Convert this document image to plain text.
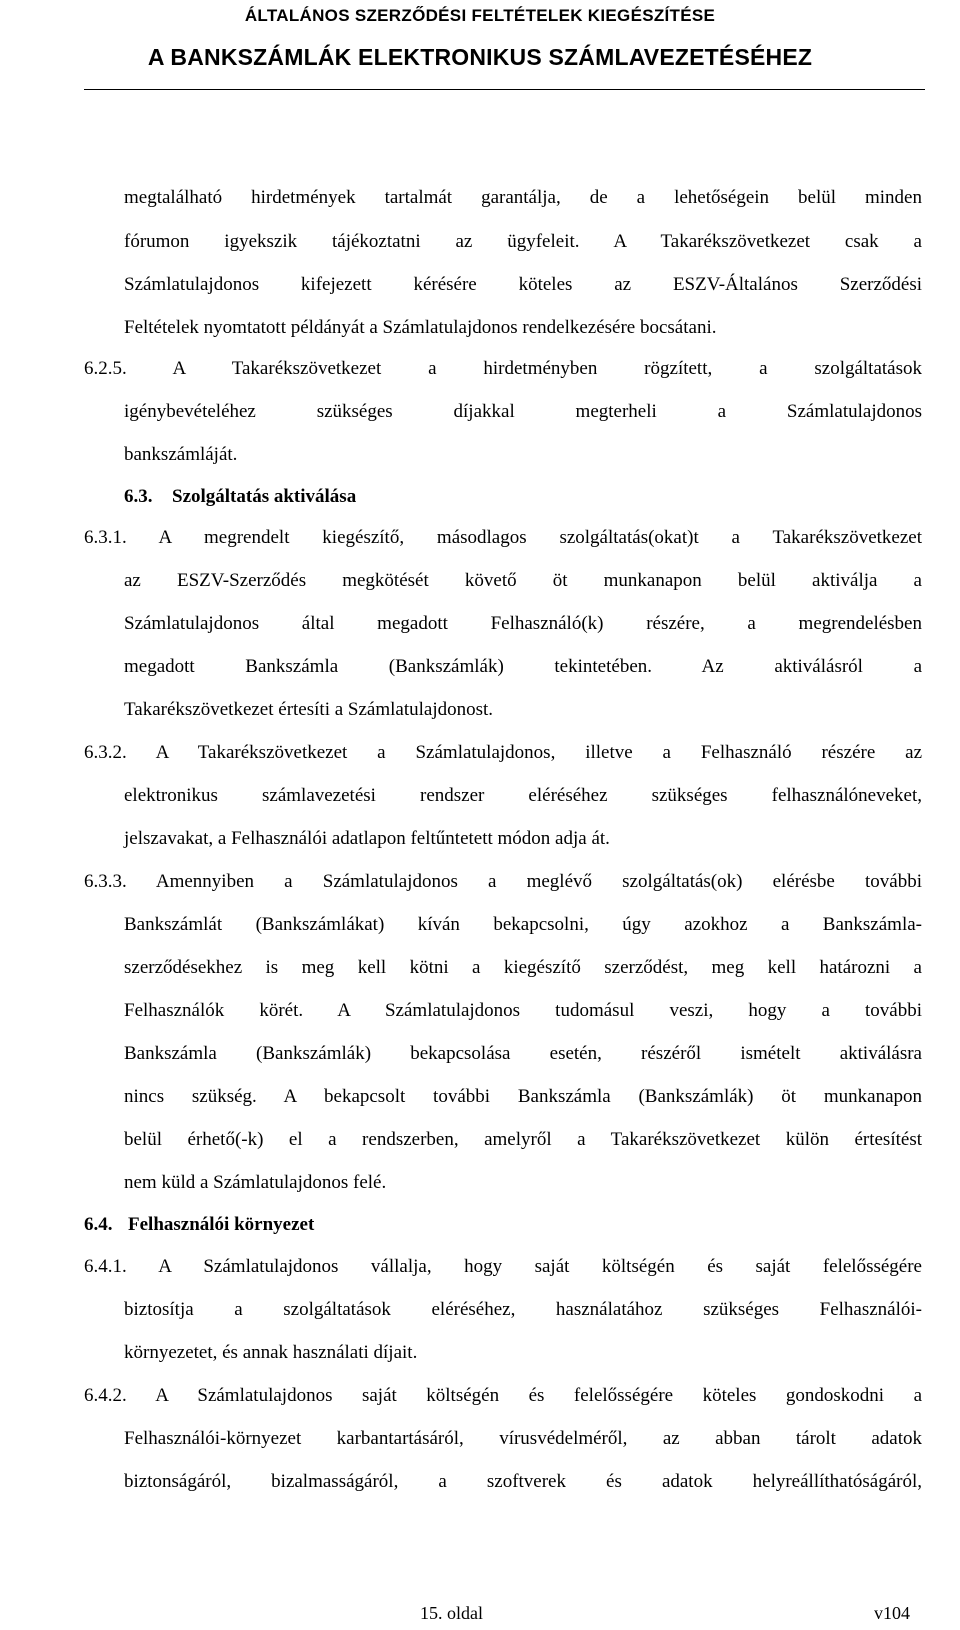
ÁLTALÁNOS SZERZŐDÉSI FELTÉTELEK KIEGÉSZÍTÉSE
A BANKSZÁMLÁK ELEKTRONIKUS SZÁMLAVEZETÉSÉHEZ
megtalálható hirdetmények tartalmát garantálja, de a lehetőségein belül minden
fórumon igyekszik tájékoztatni az ügyfeleit. A Takarékszövetkezet csak a
Számlatulajdonos kifejezett kérésére köteles az ESZV-Általános Szerződési
Feltételek nyomtatott példányát a Számlatulajdonos rendelkezésére bocsátani.
6.2.5. A Takarékszövetkezet a hirdetményben rögzített, a szolgáltatások
igénybevételéhez szükséges díjakkal megterheli a Számlatulajdonos
bankszámláját.
6.3. Szolgáltatás aktiválása
6.3.1. A megrendelt kiegészítő, másodlagos szolgáltatás(okat)t a Takarékszövetkezet
az ESZV-Szerződés megkötését követő öt munkanapon belül aktiválja a
Számlatulajdonos által megadott Felhasználó(k) részére, a megrendelésben
megadott Bankszámla (Bankszámlák) tekintetében. Az aktiválásról a
Takarékszövetkezet értesíti a Számlatulajdonost.
6.3.2. A Takarékszövetkezet a Számlatulajdonos, illetve a Felhasználó részére az
elektronikus számlavezetési rendszer eléréséhez szükséges felhasználóneveket,
jelszavakat, a Felhasználói adatlapon feltűntetett módon adja át.
6.3.3. Amennyiben a Számlatulajdonos a meglévő szolgáltatás(ok) elérésbe további
Bankszámlát (Bankszámlákat) kíván bekapcsolni, úgy azokhoz a Bankszámla-
szerződésekhez is meg kell kötni a kiegészítő szerződést, meg kell határozni a
Felhasználók körét. A Számlatulajdonos tudomásul veszi, hogy a további
Bankszámla (Bankszámlák) bekapcsolása esetén, részéről ismételt aktiválásra
nincs szükség. A bekapcsolt további Bankszámla (Bankszámlák) öt munkanapon
belül érhető(-k) el a rendszerben, amelyről a Takarékszövetkezet külön értesítést
nem küld a Számlatulajdonos felé.
6.4. Felhasználói környezet
6.4.1. A Számlatulajdonos vállalja, hogy saját költségén és saját felelősségére
biztosítja a szolgáltatások eléréséhez, használatához szükséges Felhasználói-
környezetet, és annak használati díjait.
6.4.2. A Számlatulajdonos saját költségén és felelősségére köteles gondoskodni a
Felhasználói-környezet karbantartásáról, vírusvédelméről, az abban tárolt adatok
biztonságáról, bizalmasságáról, a szoftverek és adatok helyreállíthatóságáról,
15. oldal	v104
